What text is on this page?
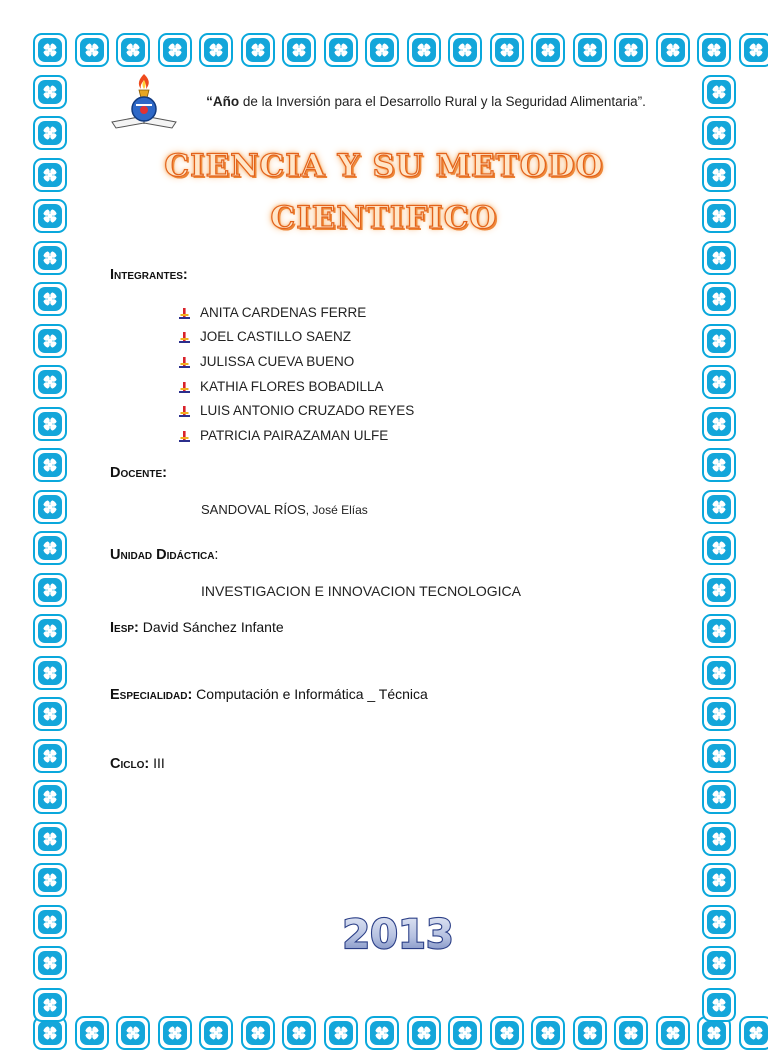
“Año de la Inversión para el Desarrollo Rural y la Seguridad Alimentaria”.
CIENCIA Y SU METODO
CIENTIFICO
Integrantes:
ANITA CARDENAS FERRE
JOEL CASTILLO SAENZ
JULISSA CUEVA BUENO
KATHIA FLORES BOBADILLA
LUIS ANTONIO CRUZADO REYES
PATRICIA PAIRAZAMAN ULFE
Docente:
SANDOVAL RÍOS, José Elías
Unidad Didáctica:
INVESTIGACION E INNOVACION TECNOLOGICA
Iesp: David Sánchez Infante
Especialidad: Computación e Informática _ Técnica
Ciclo: III
2013
